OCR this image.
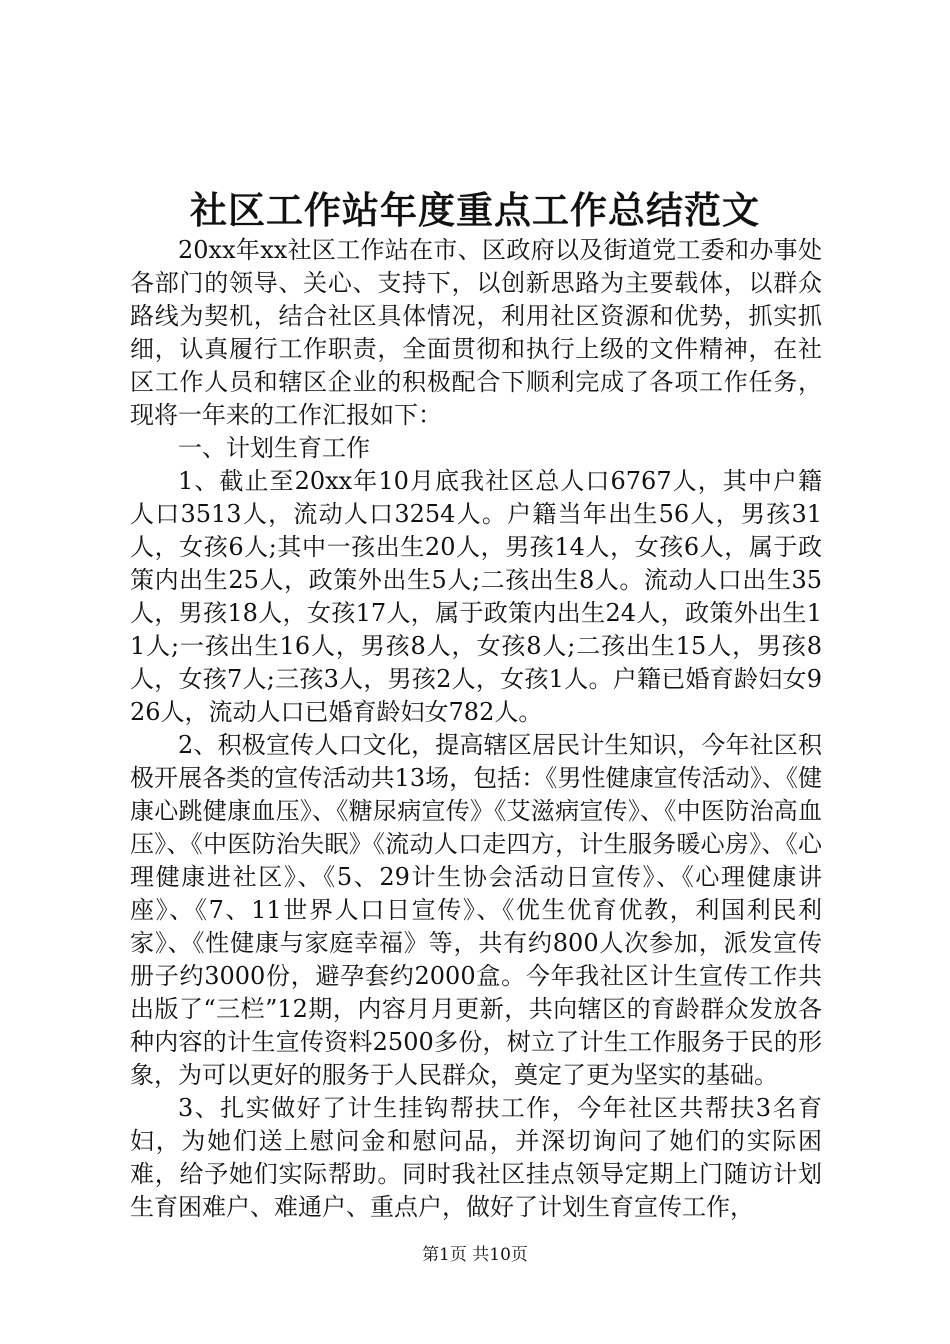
社区工作站年度重点工作总结范文

20xx年xx社区工作站在市、区政府以及街道党工委和办事处各部门的领导、关心、支持下，以创新思路为主要载体，以群众路线为契机，结合社区具体情况，利用社区资源和优势，抓实抓细，认真履行工作职责，全面贯彻和执行上级的文件精神，在社区工作人员和辖区企业的积极配合下顺利完成了各项工作任务，现将一年来的工作汇报如下：

一、计划生育工作

1、截止至20xx年10月底我社区总人口6767人，其中户籍人口3513人，流动人口3254人。户籍当年出生56人，男孩31人，女孩6人;其中一孩出生20人，男孩14人，女孩6人，属于政策内出生25人，政策外出生5人;二孩出生8人。流动人口出生35人，男孩18人，女孩17人，属于政策内出生24人，政策外出生11人;一孩出生16人，男孩8人，女孩8人;二孩出生15人，男孩8人，女孩7人;三孩3人，男孩2人，女孩1人。户籍已婚育龄妇女926人，流动人口已婚育龄妇女782人。

2、积极宣传人口文化，提高辖区居民计生知识，今年社区积极开展各类的宣传活动共13场，包括：《男性健康宣传活动》、《健康心跳健康血压》、《糖尿病宣传》《艾滋病宣传》、《中医防治高血压》、《中医防治失眠》《流动人口走四方，计生服务暖心房》、《心理健康进社区》、《5、29计生协会活动日宣传》、《心理健康讲座》、《7、11世界人口日宣传》、《优生优育优教，利国利民利家》、《性健康与家庭幸福》等，共有约800人次参加，派发宣传册子约3000份，避孕套约2000盒。今年我社区计生宣传工作共出版了“三栏”12期，内容月月更新，共向辖区的育龄群众发放各种内容的计生宣传资料2500多份，树立了计生工作服务于民的形象，为可以更好的服务于人民群众，奠定了更为坚实的基础。

3、扎实做好了计生挂钩帮扶工作，今年社区共帮扶3名育妇，为她们送上慰问金和慰问品，并深切询问了她们的实际困难，给予她们实际帮助。同时我社区挂点领导定期上门随访计划生育困难户、难通户、重点户，做好了计划生育宣传工作，

第1页 共10页
